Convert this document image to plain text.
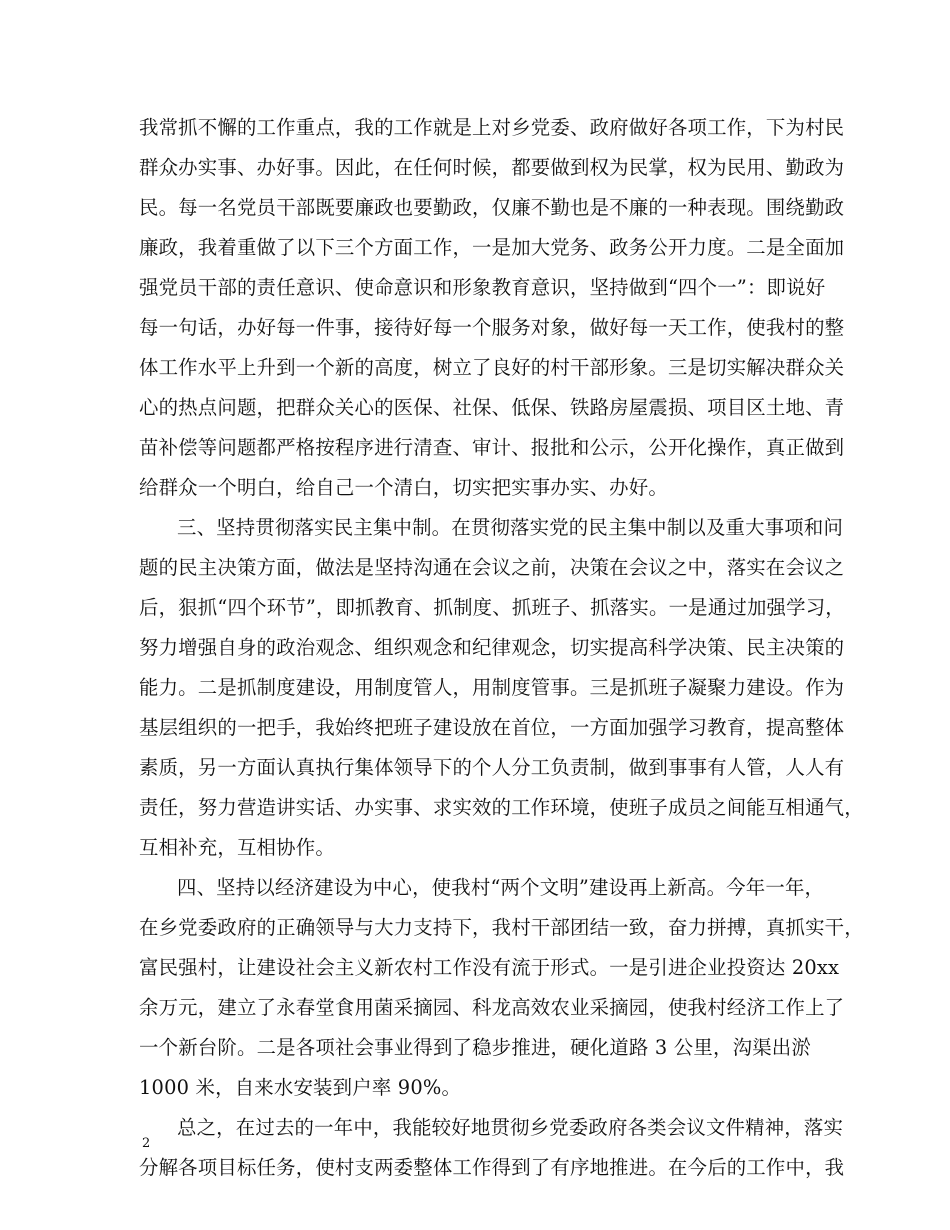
我常抓不懈的工作重点，我的工作就是上对乡党委、政府做好各项工作，下为村民
群众办实事、办好事。因此，在任何时候，都要做到权为民掌，权为民用、勤政为
民。每一名党员干部既要廉政也要勤政，仅廉不勤也是不廉的一种表现。围绕勤政
廉政，我着重做了以下三个方面工作，一是加大党务、政务公开力度。二是全面加
强党员干部的责任意识、使命意识和形象教育意识，坚持做到“四个一”：即说好
每一句话，办好每一件事，接待好每一个服务对象，做好每一天工作，使我村的整
体工作水平上升到一个新的高度，树立了良好的村干部形象。三是切实解决群众关
心的热点问题，把群众关心的医保、社保、低保、铁路房屋震损、项目区土地、青
苗补偿等问题都严格按程序进行清查、审计、报批和公示，公开化操作，真正做到
给群众一个明白，给自己一个清白，切实把实事办实、办好。
三、坚持贯彻落实民主集中制。在贯彻落实党的民主集中制以及重大事项和问
题的民主决策方面，做法是坚持沟通在会议之前，决策在会议之中，落实在会议之
后，狠抓“四个环节”，即抓教育、抓制度、抓班子、抓落实。一是通过加强学习，
努力增强自身的政治观念、组织观念和纪律观念，切实提高科学决策、民主决策的
能力。二是抓制度建设，用制度管人，用制度管事。三是抓班子凝聚力建设。作为
基层组织的一把手，我始终把班子建设放在首位，一方面加强学习教育，提高整体
素质，另一方面认真执行集体领导下的个人分工负责制，做到事事有人管，人人有
责任，努力营造讲实话、办实事、求实效的工作环境，使班子成员之间能互相通气，
互相补充，互相协作。
四、坚持以经济建设为中心，使我村“两个文明”建设再上新高。今年一年，
在乡党委政府的正确领导与大力支持下，我村干部团结一致，奋力拼搏，真抓实干，
富民强村，让建设社会主义新农村工作没有流于形式。一是引进企业投资达 20xx
余万元，建立了永春堂食用菌采摘园、科龙高效农业采摘园，使我村经济工作上了
一个新台阶。二是各项社会事业得到了稳步推进，硬化道路 3 公里，沟渠出淤
1000 米，自来水安装到户率 90%。
总之，在过去的一年中，我能较好地贯彻乡党委政府各类会议文件精神，落实
分解各项目标任务，使村支两委整体工作得到了有序地推进。在今后的工作中，我
2
